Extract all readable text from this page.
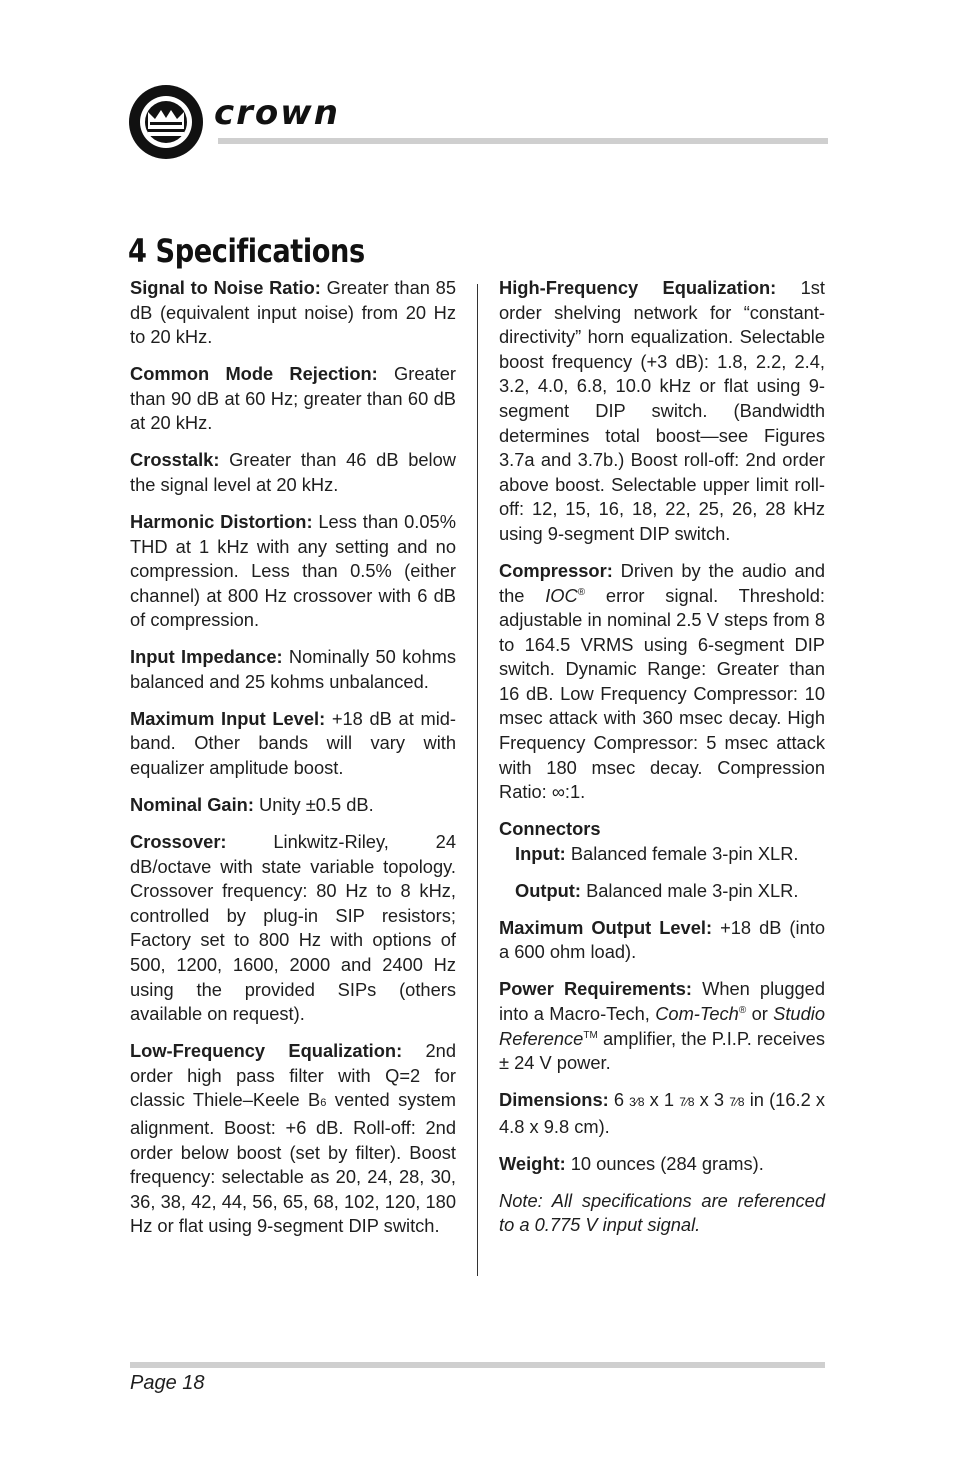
crown
4 Specifications

Signal to Noise Ratio: Greater than 85 dB (equivalent input noise) from 20 Hz to 20 kHz.

Common Mode Rejection: Greater than 90 dB at 60 Hz; greater than 60 dB at 20 kHz.

Crosstalk: Greater than 46 dB below the signal level at 20 kHz.

Harmonic Distortion: Less than 0.05% THD at 1 kHz with any setting and no compression. Less than 0.5% (either channel) at 800 Hz crossover with 6 dB of compression.

Input Impedance: Nominally 50 kohms balanced and 25 kohms unbalanced.

Maximum Input Level: +18 dB at mid-band. Other bands will vary with equalizer amplitude boost.

Nominal Gain: Unity ±0.5 dB.

Crossover: Linkwitz-Riley, 24 dB/octave with state variable topology. Crossover frequency: 80 Hz to 8 kHz, controlled by plug-in SIP resistors; Factory set to 800 Hz with options of 500, 1200, 1600, 2000 and 2400 Hz using the provided SIPs (others available on request).

Low-Frequency Equalization: 2nd order high pass filter with Q=2 for classic Thiele–Keele B6 vented system alignment. Boost: +6 dB. Roll-off: 2nd order below boost (set by filter). Boost frequency: selectable as 20, 24, 28, 30, 36, 38, 42, 44, 56, 65, 68, 102, 120, 180 Hz or flat using 9-segment DIP switch.

High-Frequency Equalization: 1st order shelving network for “constant-directivity” horn equalization. Selectable boost frequency (+3 dB): 1.8, 2.2, 2.4, 3.2, 4.0, 6.8, 10.0 kHz or flat using 9-segment DIP switch. (Bandwidth determines total boost—see Figures 3.7a and 3.7b.) Boost roll-off: 2nd order above boost. Selectable upper limit roll-off: 12, 15, 16, 18, 22, 25, 26, 28 kHz using 9-segment DIP switch.

Compressor: Driven by the audio and the IOC® error signal. Threshold: adjustable in nominal 2.5 V steps from 8 to 164.5 VRMS using 6-segment DIP switch. Dynamic Range: Greater than 16 dB. Low Frequency Compressor: 10 msec attack with 360 msec decay. High Frequency Compressor: 5 msec attack with 180 msec decay. Compression Ratio: ∞:1.

Connectors

Input: Balanced female 3-pin XLR.

Output: Balanced male 3-pin XLR.

Maximum Output Level: +18 dB (into a 600 ohm load).

Power Requirements: When plugged into a Macro-Tech, Com-Tech® or Studio Reference™ amplifier, the P.I.P. receives ± 24 V power.

Dimensions: 6 3⁄8 x 1 7⁄8 x 3 7⁄8 in (16.2 x 4.8 x 9.8 cm).

Weight: 10 ounces (284 grams).

Note: All specifications are referenced to a 0.775 V input signal.

Page 18
